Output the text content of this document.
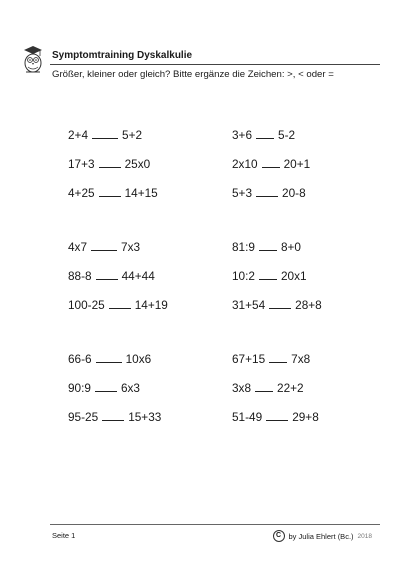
Symptomtraining Dyskalkulie
Größer, kleiner oder gleich? Bitte ergänze die Zeichen: >, < oder =
2+4	5+2	3+6 5-2
17+3	25x0	2x10 20+1
4+25	14+15	5+3	20-8
4x7	7x3	81:9 8+0
88-8	44+44	10:2 20x1
100-25	14+19	31+54	28+8
66-6	10x6	67+15 7x8
90:9	6x3	3x8 22+2
95-25	15+33	51-49	29+8
Seite 1	C by Julia Ehlert (Bc.) 2018
